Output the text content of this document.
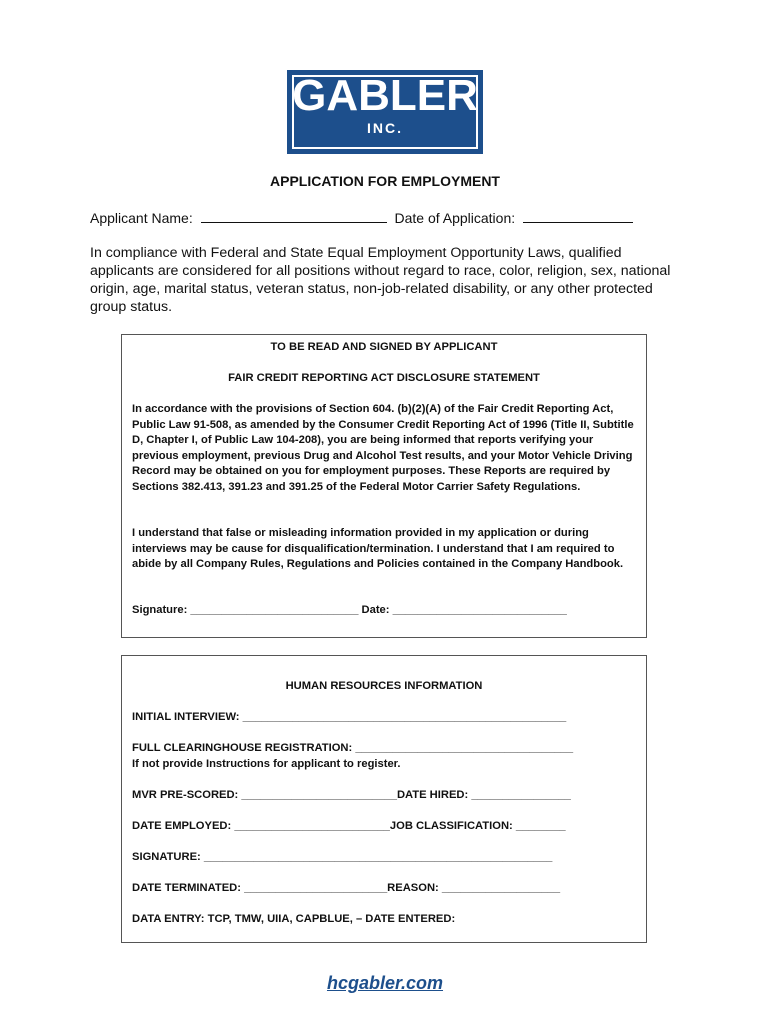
GABLER
INC.
APPLICATION FOR EMPLOYMENT
Applicant Name:	Date of Application:
In compliance with Federal and State Equal Employment Opportunity Laws, qualified applicants are considered for all positions without regard to race, color, religion, sex, national origin, age, marital status, veteran status, non-job-related disability, or any other protected group status.
TO BE READ AND SIGNED BY APPLICANT
FAIR CREDIT REPORTING ACT DISCLOSURE STATEMENT
In accordance with the provisions of Section 604. (b)(2)(A) of the Fair Credit Reporting Act, Public Law 91-508, as amended by the Consumer Credit Reporting Act of 1996 (Title II, Subtitle D, Chapter I, of Public Law 104-208), you are being informed that reports verifying your previous employment, previous Drug and Alcohol Test results, and your Motor Vehicle Driving Record may be obtained on you for employment purposes. These Reports are required by Sections 382.413, 391.23 and 391.25 of the Federal Motor Carrier Safety Regulations.
I understand that false or misleading information provided in my application or during interviews may be cause for disqualification/termination. I understand that I am required to abide by all Company Rules, Regulations and Policies contained in the Company Handbook.
Signature: ___________________________ Date: ____________________________
HUMAN RESOURCES INFORMATION
INITIAL INTERVIEW: ____________________________________________________
FULL CLEARINGHOUSE REGISTRATION: ___________________________________
If not provide Instructions for applicant to register.
MVR PRE-SCORED: _________________________DATE HIRED: ________________
DATE EMPLOYED: _________________________JOB CLASSIFICATION: ________
SIGNATURE: ________________________________________________________
DATE TERMINATED: _______________________REASON: ___________________
DATA ENTRY: TCP, TMW, UIIA, CAPBLUE, – DATE ENTERED:
hcgabler.com
